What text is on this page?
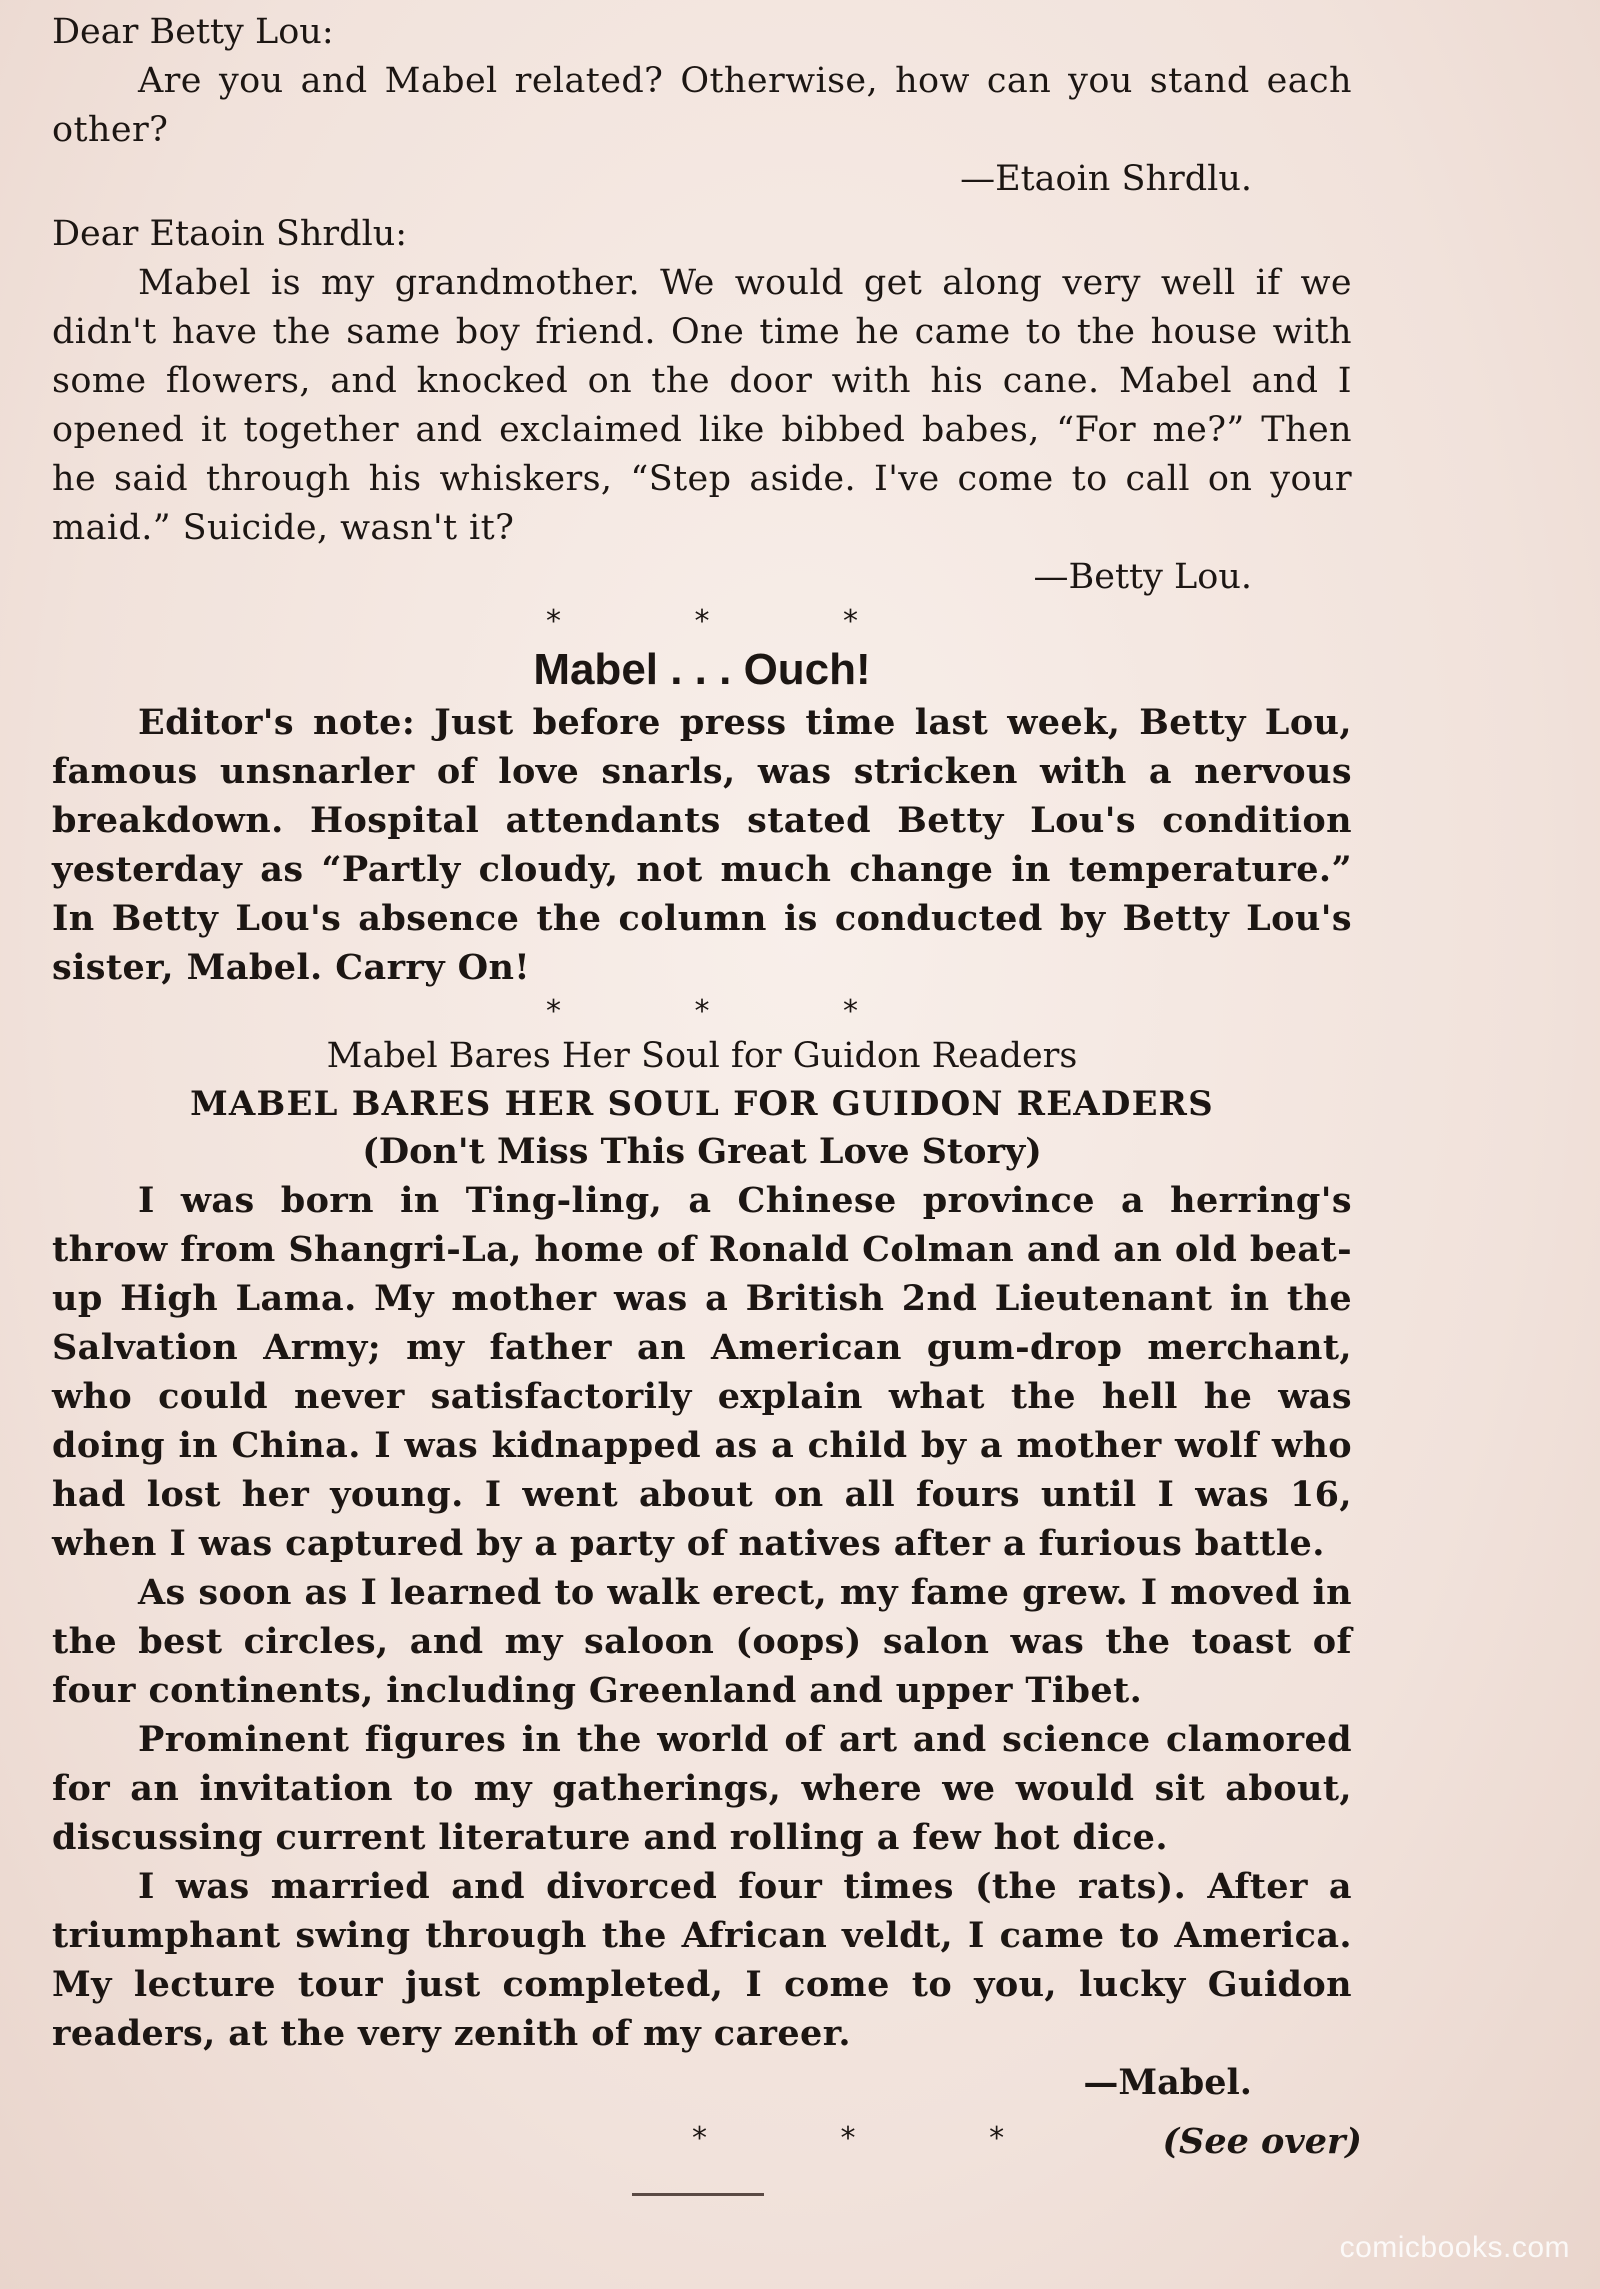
Dear Betty Lou:

Are you and Mabel related? Otherwise, how can you stand each other?

—Etaoin Shrdlu.

Dear Etaoin Shrdlu:

Mabel is my grandmother. We would get along very well if we didn't have the same boy friend. One time he came to the house with some flowers, and knocked on the door with his cane. Mabel and I opened it together and exclaimed like bibbed babes, “For me?” Then he said through his whiskers, “Step aside. I've come to call on your maid.” Suicide, wasn't it?

—Betty Lou.

* * *

Mabel . . . Ouch!

Editor's note: Just before press time last week, Betty Lou, famous unsnarler of love snarls, was stricken with a nervous breakdown. Hospital attendants stated Betty Lou's condition yesterday as “Partly cloudy, not much change in temperature.” In Betty Lou's absence the column is conducted by Betty Lou's sister, Mabel. Carry On!

* * *

Mabel Bares Her Soul for Guidon Readers

MABEL BARES HER SOUL FOR GUIDON READERS

(Don't Miss This Great Love Story)

I was born in Ting-ling, a Chinese province a herring's throw from Shangri-La, home of Ronald Colman and an old beat-up High Lama. My mother was a British 2nd Lieutenant in the Salvation Army; my father an American gum-drop merchant, who could never satisfactorily explain what the hell he was doing in China. I was kidnapped as a child by a mother wolf who had lost her young. I went about on all fours until I was 16, when I was captured by a party of natives after a furious battle.

As soon as I learned to walk erect, my fame grew. I moved in the best circles, and my saloon (oops) salon was the toast of four continents, including Greenland and upper Tibet.

Prominent figures in the world of art and science clamored for an invitation to my gatherings, where we would sit about, discussing current literature and rolling a few hot dice.

I was married and divorced four times (the rats). After a triumphant swing through the African veldt, I came to America. My lecture tour just completed, I come to you, lucky Guidon readers, at the very zenith of my career.

—Mabel.

* * *	(See over)
comicbooks.com
